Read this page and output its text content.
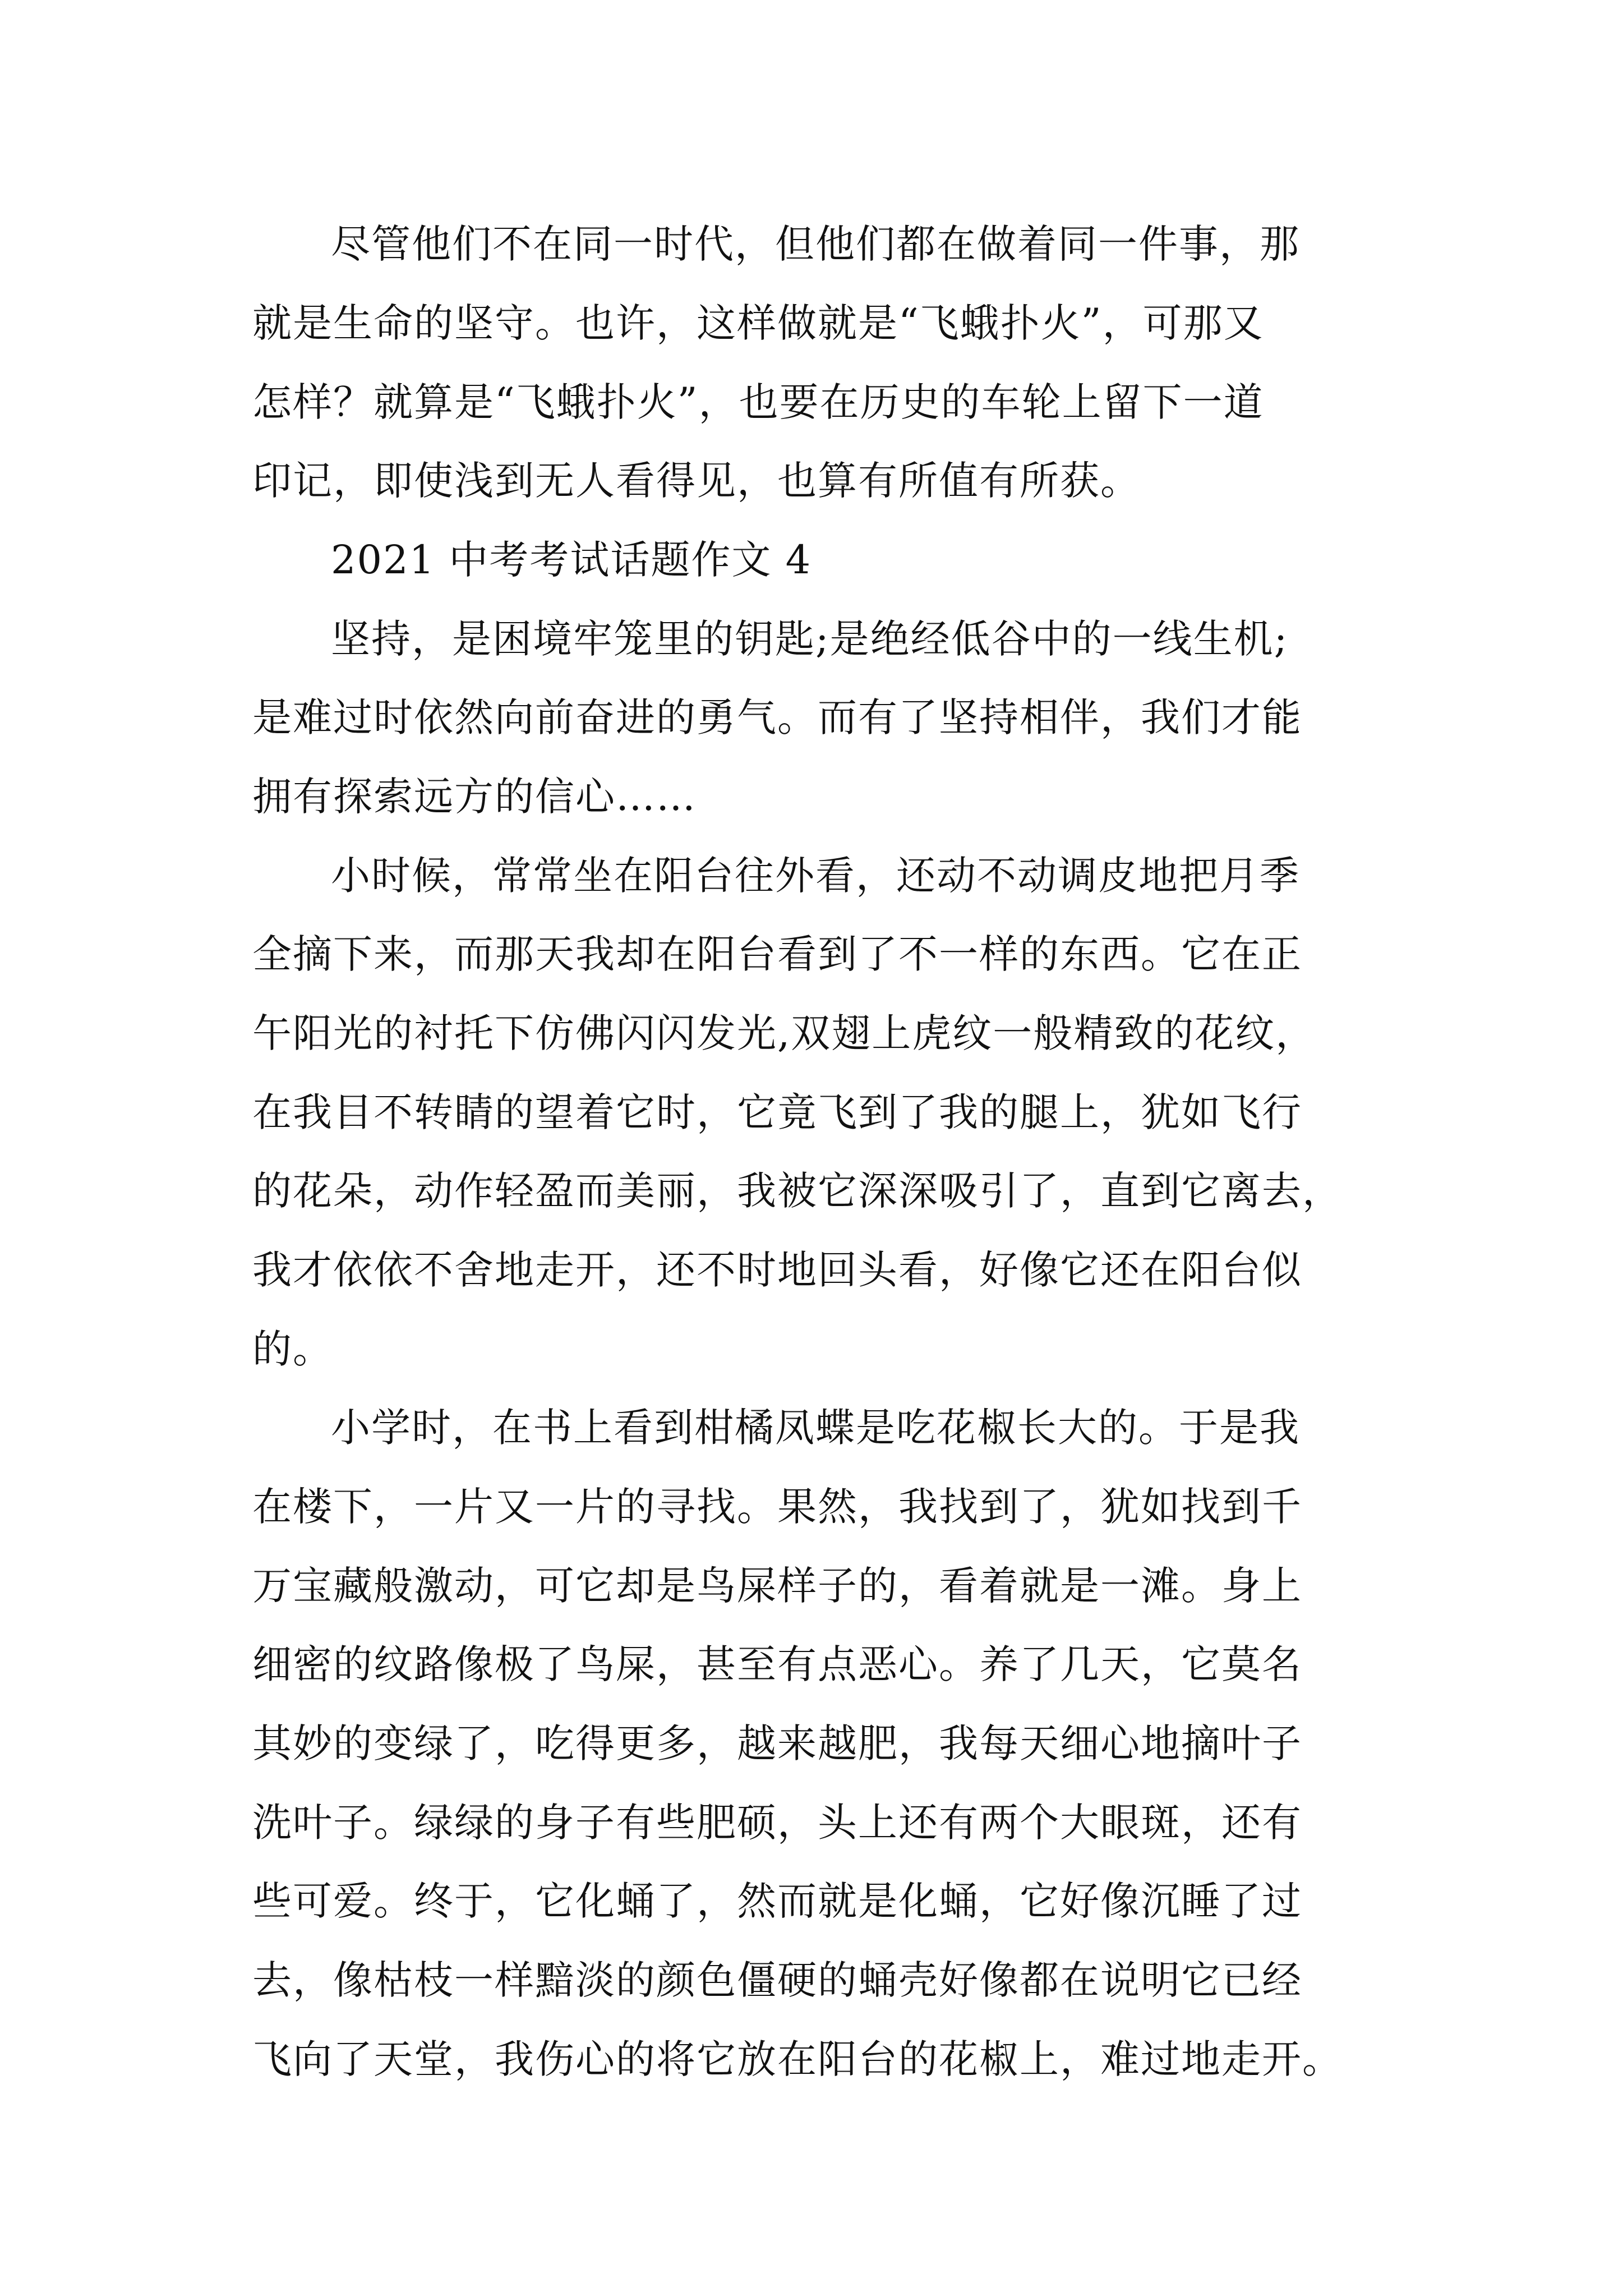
尽管他们不在同一时代，但他们都在做着同一件事，那
就是生命的坚守。也许，这样做就是“飞蛾扑火”，可那又
怎样？就算是“飞蛾扑火”，也要在历史的车轮上留下一道
印记，即使浅到无人看得见，也算有所值有所获。
2021 中考考试话题作文 4
坚持，是困境牢笼里的钥匙;是绝经低谷中的一线生机;
是难过时依然向前奋进的勇气。而有了坚持相伴，我们才能
拥有探索远方的信心……
小时候，常常坐在阳台往外看，还动不动调皮地把月季
全摘下来，而那天我却在阳台看到了不一样的东西。它在正
午阳光的衬托下仿佛闪闪发光,双翅上虎纹一般精致的花纹，
在我目不转睛的望着它时，它竟飞到了我的腿上，犹如飞行
的花朵，动作轻盈而美丽，我被它深深吸引了，直到它离去，
我才依依不舍地走开，还不时地回头看，好像它还在阳台似
的。
小学时，在书上看到柑橘凤蝶是吃花椒长大的。于是我
在楼下，一片又一片的寻找。果然，我找到了，犹如找到千
万宝藏般激动，可它却是鸟屎样子的，看着就是一滩。身上
细密的纹路像极了鸟屎，甚至有点恶心。养了几天，它莫名
其妙的变绿了，吃得更多，越来越肥，我每天细心地摘叶子
洗叶子。绿绿的身子有些肥硕，头上还有两个大眼斑，还有
些可爱。终于，它化蛹了，然而就是化蛹，它好像沉睡了过
去，像枯枝一样黯淡的颜色僵硬的蛹壳好像都在说明它已经
飞向了天堂，我伤心的将它放在阳台的花椒上，难过地走开。
